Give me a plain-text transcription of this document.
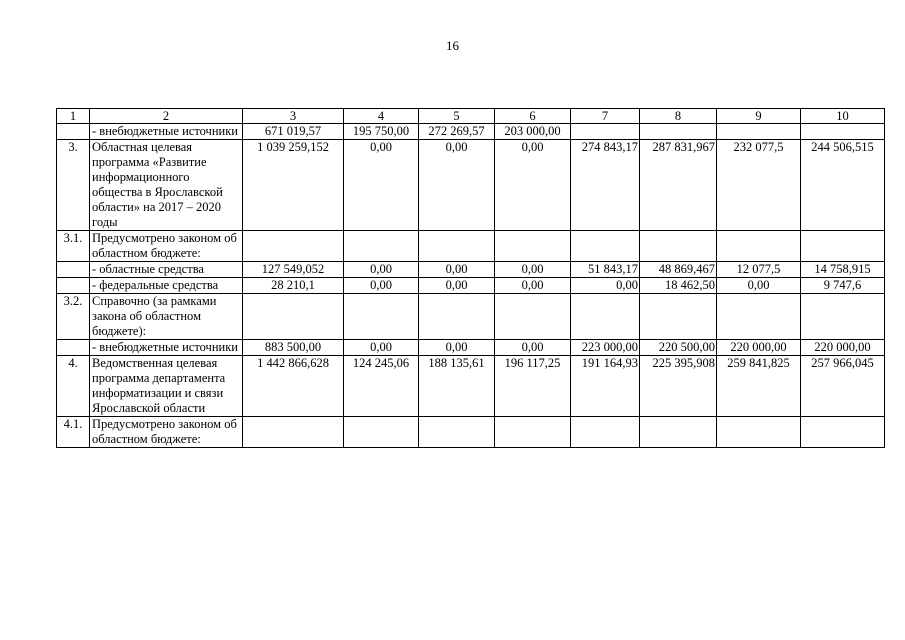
16
1	2	3	4	5	6	7	8	9	10
	- внебюджетные источники	671 019,57	195 750,00	272 269,57	203 000,00				
3.	Областная целевая программа «Развитие информационного общества в Ярославской области» на 2017 – 2020 годы	1 039 259,152	0,00	0,00	0,00	274 843,17	287 831,967	232 077,5	244 506,515
3.1.	Предусмотрено законом об областном бюджете:								
	- областные средства	127 549,052	0,00	0,00	0,00	51 843,17	48 869,467	12 077,5	14 758,915
	- федеральные средства	28 210,1	0,00	0,00	0,00	0,00	18 462,50	0,00	9 747,6
3.2.	Справочно (за рамками закона об областном бюджете):								
	- внебюджетные источники	883 500,00	0,00	0,00	0,00	223 000,00	220 500,00	220 000,00	220 000,00
4.	Ведомственная целевая программа департамента информатизации и связи Ярославской области	1 442 866,628	124 245,06	188 135,61	196 117,25	191 164,93	225 395,908	259 841,825	257 966,045
4.1.	Предусмотрено законом об областном бюджете:								
